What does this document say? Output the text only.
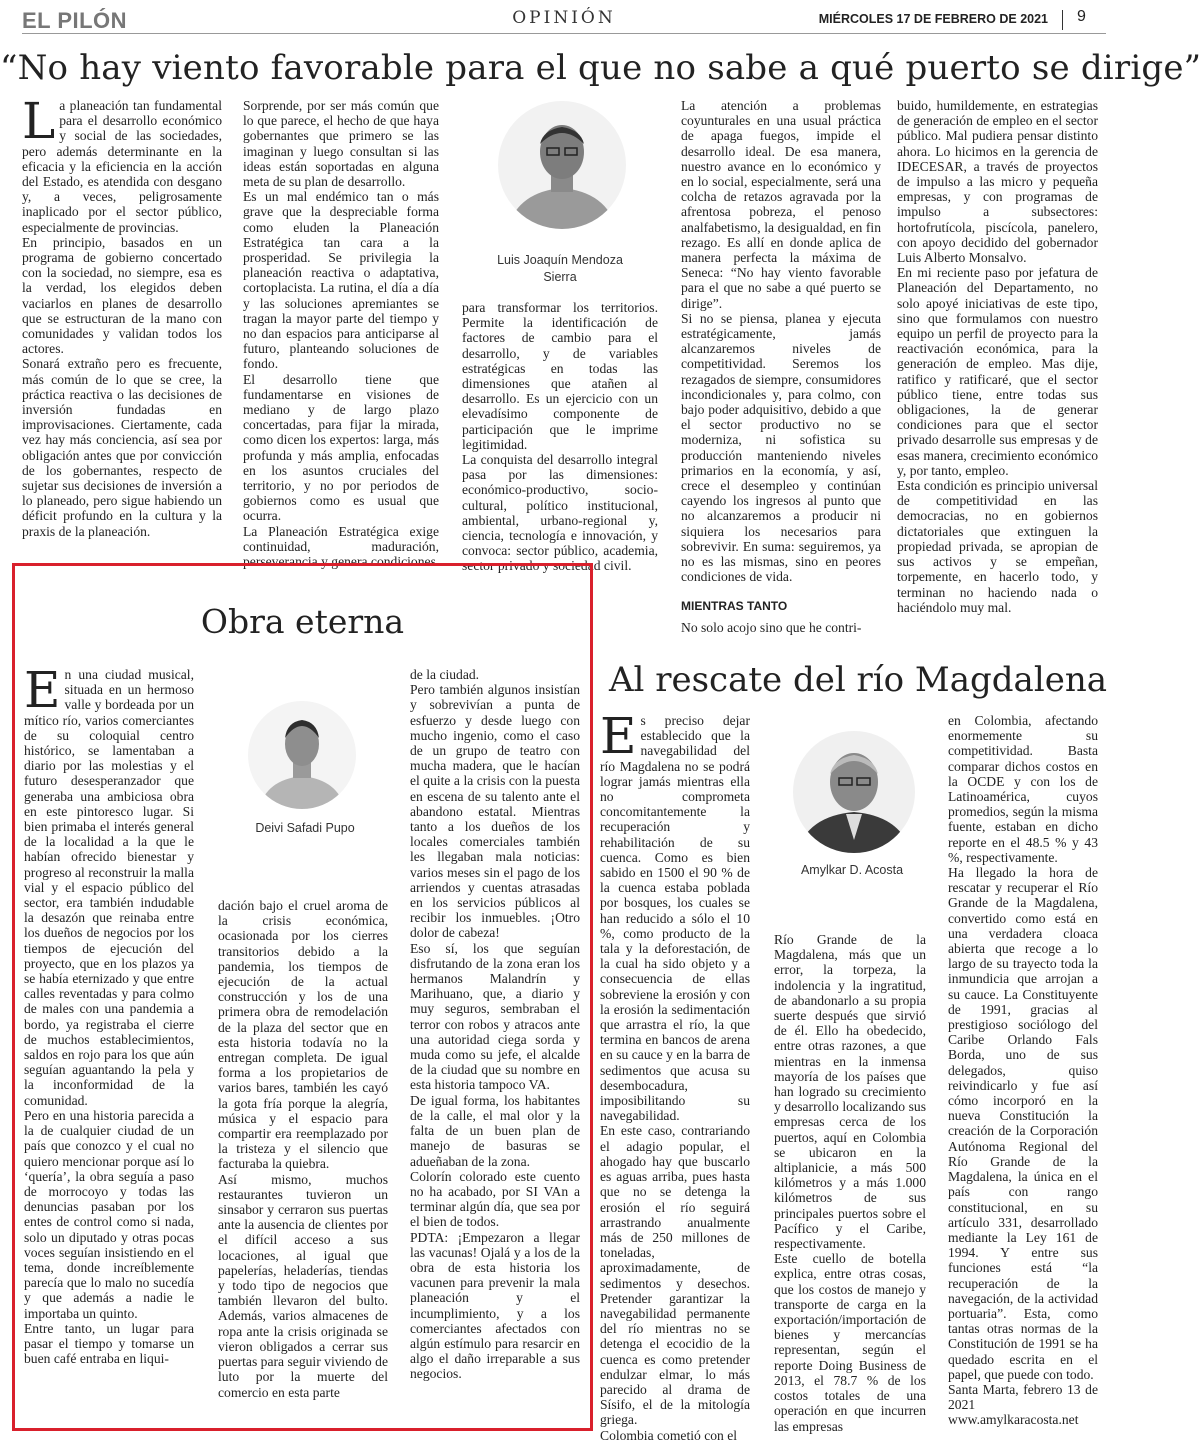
EL PILÓN	OPINIÓN	MIÉRCOLES 17 DE FEBRERO DE 2021 9
“No hay viento favorable para el que no sabe a qué puerto se dirige”
La planeación tan fundamental para el desarrollo económico y social de las sociedades, pero además determinante en la eficacia y la eficiencia en la acción del Estado, es atendida con desgano y, a veces, peligrosamente inaplicado por el sector público, especialmente de provincias.
En principio, basados en un programa de gobierno concertado con la sociedad, no siempre, esa es la verdad, los elegidos deben vaciarlos en planes de desarrollo que se estructuran de la mano con comunidades y validan todos los actores.
Sonará extraño pero es frecuente, más común de lo que se cree, la práctica reactiva o las decisiones de inversión fundadas en improvisaciones. Ciertamente, cada vez hay más conciencia, así sea por obligación antes que por convicción de los gobernantes, respecto de sujetar sus decisiones de inversión a lo planeado, pero sigue habiendo un déficit profundo en la cultura y la praxis de la planeación.
Sorprende, por ser más común que lo que parece, el hecho de que haya gobernantes que primero se las imaginan y luego consultan si las ideas están soportadas en alguna meta de su plan de desarrollo.
Es un mal endémico tan o más grave que la despreciable forma como eluden la Planeación Estratégica tan cara a la prosperidad. Se privilegia la planeación reactiva o adaptativa, cortoplacista. La rutina, el día a día y las soluciones apremiantes se tragan la mayor parte del tiempo y no dan espacios para anticiparse al futuro, planteando soluciones de fondo.
El desarrollo tiene que fundamentarse en visiones de mediano y de largo plazo concertadas, para fijar la mirada, como dicen los expertos: larga, más profunda y más amplia, enfocadas en los asuntos cruciales del territorio, y no por periodos de gobiernos como es usual que ocurra.
La Planeación Estratégica exige continuidad, maduración, perseverancia y genera condiciones
Luis Joaquín Mendoza Sierra
para transformar los territorios. Permite la identificación de factores de cambio para el desarrollo, y de variables estratégicas en todas las dimensiones que atañen al desarrollo. Es un ejercicio con un elevadísimo componente de participación que le imprime legitimidad.
La conquista del desarrollo integral pasa por las dimensiones: económico-productivo, socio-cultural, político institucional, ambiental, urbano-regional y, ciencia, tecnología e innovación, y convoca: sector público, academia, sector privado y sociedad civil.
La atención a problemas coyunturales en una usual práctica de apaga fuegos, impide el desarrollo ideal. De esa manera, nuestro avance en lo económico y en lo social, especialmente, será una colcha de retazos agravada por la afrentosa pobreza, el penoso analfabetismo, la desigualdad, en fin rezago. Es allí en donde aplica de manera perfecta la máxima de Seneca: “No hay viento favorable para el que no sabe a qué puerto se dirige”.
Si no se piensa, planea y ejecuta estratégicamente, jamás alcanzaremos niveles de competitividad. Seremos los rezagados de siempre, consumidores incondicionales y, para colmo, con bajo poder adquisitivo, debido a que el sector productivo no se moderniza, ni sofistica su producción manteniendo niveles primarios en la economía, y así, crece el desempleo y continúan cayendo los ingresos al punto que no alcanzaremos a producir ni siquiera los necesarios para sobrevivir. En suma: seguiremos, ya no es las mismas, sino en peores condiciones de vida.
MIENTRAS TANTO
No solo acojo sino que he contri-
buido, humildemente, en estrategias de generación de empleo en el sector público. Mal pudiera pensar distinto ahora. Lo hicimos en la gerencia de IDECESAR, a través de proyectos de impulso a las micro y pequeña empresas, y con programas de impulso a subsectores: hortofrutícola, piscícola, panelero, con apoyo decidido del gobernador Luis Alberto Monsalvo.
En mi reciente paso por jefatura de Planeación del Departamento, no solo apoyé iniciativas de este tipo, sino que formulamos con nuestro equipo un perfil de proyecto para la reactivación económica, para la generación de empleo. Mas dije, ratifico y ratificaré, que el sector público tiene, entre todas sus obligaciones, la de generar condiciones para que el sector privado desarrolle sus empresas y de esas manera, crecimiento económico y, por tanto, empleo.
Esta condición es principio universal de competitividad en las democracias, no en gobiernos dictatoriales que extinguen la propiedad privada, se apropian de sus activos y se empeñan, torpemente, en hacerlo todo, y terminan no haciendo nada o haciéndolo muy mal.
Obra eterna
En una ciudad musical, situada en un hermoso valle y bordeada por un mítico río, varios comerciantes de su coloquial centro histórico, se lamentaban a diario por las molestias y el futuro desesperanzador que generaba una ambiciosa obra en este pintoresco lugar. Si bien primaba el interés general de la localidad a la que le habían ofrecido bienestar y progreso al reconstruir la malla vial y el espacio público del sector, era también indudable la desazón que reinaba entre los dueños de negocios por los tiempos de ejecución del proyecto, que en los plazos ya se había eternizado y que entre calles reventadas y para colmo de males con una pandemia a bordo, ya registraba el cierre de muchos establecimientos, saldos en rojo para los que aún seguían aguantando la pela y la inconformidad de la comunidad.
Pero en una historia parecida a la de cualquier ciudad de un país que conozco y el cual no quiero mencionar porque así lo ‘quería’, la obra seguía a paso de morrocoyo y todas las denuncias pasaban por los entes de control como si nada, solo un diputado y otras pocas voces seguían insistiendo en el tema, donde increíblemente parecía que lo malo no sucedía y que además a nadie le importaba un quinto.
Entre tanto, un lugar para pasar el tiempo y tomarse un buen café entraba en liqui-
Deivi Safadi Pupo
dación bajo el cruel aroma de la crisis económica, ocasionada por los cierres transitorios debido a la pandemia, los tiempos de ejecución de la actual construcción y los de una primera obra de remodelación de la plaza del sector que en esta historia todavía no la entregan completa. De igual forma a los propietarios de varios bares, también les cayó la gota fría porque la alegría, música y el espacio para compartir era reemplazado por la tristeza y el silencio que facturaba la quiebra.
Así mismo, muchos restaurantes tuvieron un sinsabor y cerraron sus puertas ante la ausencia de clientes por el difícil acceso a sus locaciones, al igual que papelerías, heladerías, tiendas y todo tipo de negocios que también llevaron del bulto. Además, varios almacenes de ropa ante la crisis originada se vieron obligados a cerrar sus puertas para seguir viviendo de luto por la muerte del comercio en esta parte
de la ciudad.
Pero también algunos insistían y sobrevivían a punta de esfuerzo y desde luego con mucho ingenio, como el caso de un grupo de teatro con mucha madera, que le hacían el quite a la crisis con la puesta en escena de su talento ante el abandono estatal. Mientras tanto a los dueños de los locales comerciales también les llegaban mala noticias: varios meses sin el pago de los arriendos y cuentas atrasadas en los servicios públicos al recibir los inmuebles. ¡Otro dolor de cabeza!
Eso sí, los que seguían disfrutando de la zona eran los hermanos Malandrín y Marihuano, que, a diario y muy seguros, sembraban el terror con robos y atracos ante una autoridad ciega sorda y muda como su jefe, el alcalde de la ciudad que su nombre en esta historia tampoco VA.
De igual forma, los habitantes de la calle, el mal olor y la falta de un buen plan de manejo de basuras se adueñaban de la zona.
Colorín colorado este cuento no ha acabado, por SI VAn a terminar algún día, que sea por el bien de todos.
PDTA: ¡Empezaron a llegar las vacunas! Ojalá y a los de la obra de esta historia los vacunen para prevenir la mala planeación y el incumplimiento, y a los comerciantes afectados con algún estímulo para resarcir en algo el daño irreparable a sus negocios.
Al rescate del río Magdalena
Es preciso dejar establecido que la navegabilidad del río Magdalena no se podrá lograr jamás mientras ella no comprometa concomitantemente la recuperación y rehabilitación de su cuenca. Como es bien sabido en 1500 el 90 % de la cuenca estaba poblada por bosques, los cuales se han reducido a sólo el 10 %, como producto de la tala y la deforestación, de la cual ha sido objeto y a consecuencia de ellas sobreviene la erosión y con la erosión la sedimentación que arrastra el río, la que termina en bancos de arena en su cauce y en la barra de sedimentos que acusa su desembocadura, imposibilitando su navegabilidad.
En este caso, contrariando el adagio popular, el ahogado hay que buscarlo es aguas arriba, pues hasta que no se detenga la erosión el río seguirá arrastrando anualmente más de 250 millones de toneladas, aproximadamente, de sedimentos y desechos. Pretender garantizar la navegabilidad permanente del río mientras no se detenga el ecocidio de la cuenca es como pretender endulzar elmar, lo más parecido al drama de Sísifo, el de la mitología griega.
Colombia cometió con el
Amylkar D. Acosta
Río Grande de la Magdalena, más que un error, la torpeza, la indolencia y la ingratitud, de abandonarlo a su propia suerte después que sirvió de él. Ello ha obedecido, entre otras razones, a que mientras en la inmensa mayoría de los países que han logrado su crecimiento y desarrollo localizando sus empresas cerca de los puertos, aquí en Colombia se ubicaron en la altiplanicie, a más 500 kilómetros y a más 1.000 kilómetros de sus principales puertos sobre el Pacífico y el Caribe, respectivamente.
Este cuello de botella explica, entre otras cosas, que los costos de manejo y transporte de carga en la exportación/importación de bienes y mercancías representan, según el reporte Doing Business de 2013, el 78.7 % de los costos totales de una operación en que incurren las empresas
en Colombia, afectando enormemente su competitividad. Basta comparar dichos costos en la OCDE y con los de Latinoamérica, cuyos promedios, según la misma fuente, estaban en dicho reporte en el 48.5 % y 43 %, respectivamente.
Ha llegado la hora de rescatar y recuperar el Río Grande de la Magdalena, convertido como está en una verdadera cloaca abierta que recoge a lo largo de su trayecto toda la inmundicia que arrojan a su cauce. La Constituyente de 1991, gracias al prestigioso sociólogo del Caribe Orlando Fals Borda, uno de sus delegados, quiso reivindicarlo y fue así cómo incorporó en la nueva Constitución la creación de la Corporación Autónoma Regional del Río Grande de la Magdalena, la única en el país con rango constitucional, en su artículo 331, desarrollado mediante la Ley 161 de 1994. Y entre sus funciones está “la recuperación de la navegación, de la actividad portuaria”. Esta, como tantas otras normas de la Constitución de 1991 se ha quedado escrita en el papel, que puede con todo.
Santa Marta, febrero 13 de 2021
www.amylkaracosta.net
